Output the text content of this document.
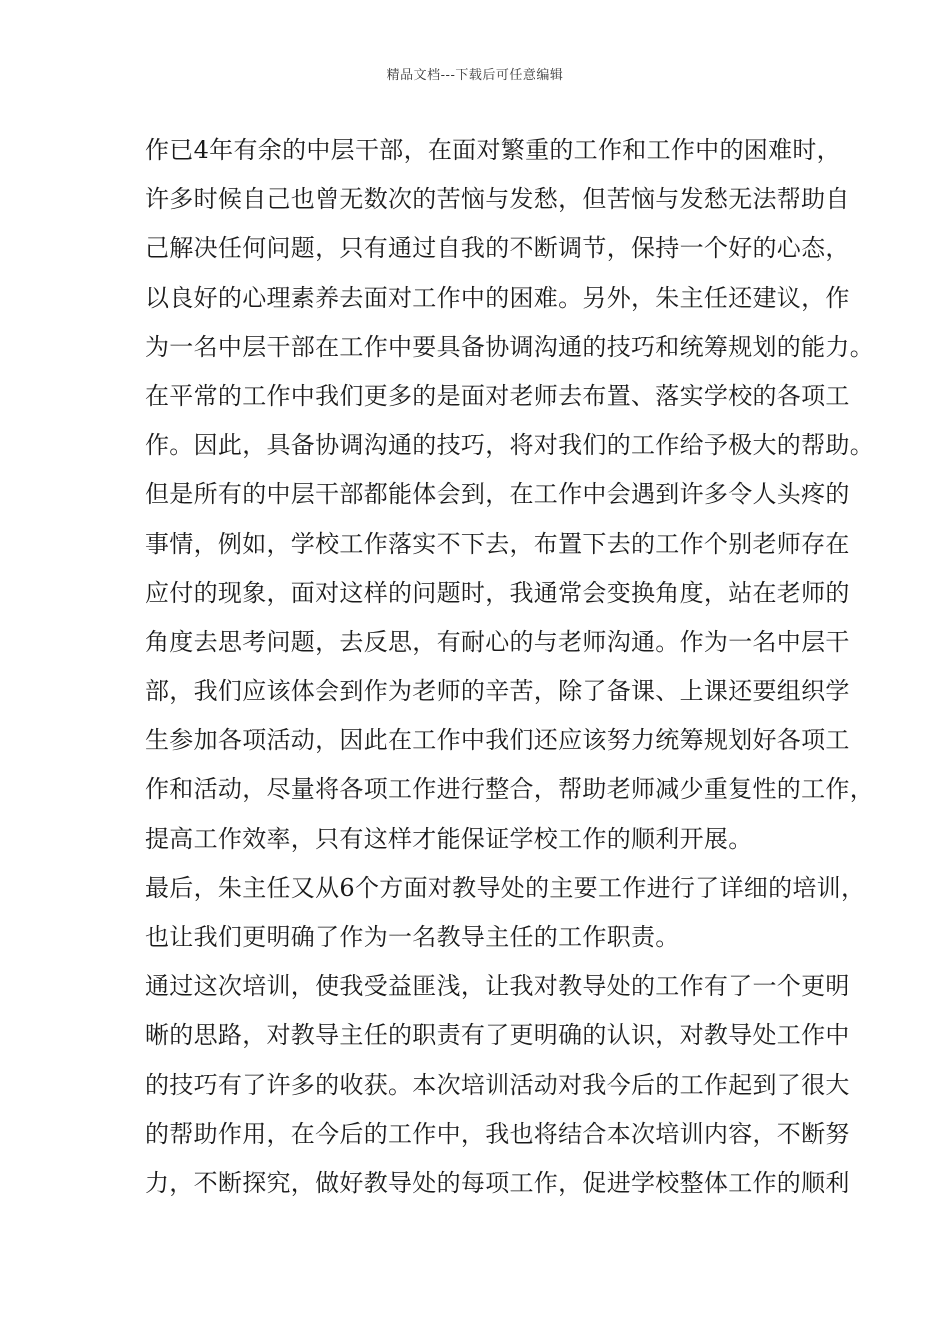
精品文档---下载后可任意编辑
作已4年有余的中层干部，在面对繁重的工作和工作中的困难时，
许多时候自己也曾无数次的苦恼与发愁，但苦恼与发愁无法帮助自
己解决任何问题，只有通过自我的不断调节，保持一个好的心态，
以良好的心理素养去面对工作中的困难。另外，朱主任还建议，作
为一名中层干部在工作中要具备协调沟通的技巧和统筹规划的能力。
在平常的工作中我们更多的是面对老师去布置、落实学校的各项工
作。因此，具备协调沟通的技巧，将对我们的工作给予极大的帮助。
但是所有的中层干部都能体会到，在工作中会遇到许多令人头疼的
事情，例如，学校工作落实不下去，布置下去的工作个别老师存在
应付的现象，面对这样的问题时，我通常会变换角度，站在老师的
角度去思考问题，去反思，有耐心的与老师沟通。作为一名中层干
部，我们应该体会到作为老师的辛苦，除了备课、上课还要组织学
生参加各项活动，因此在工作中我们还应该努力统筹规划好各项工
作和活动，尽量将各项工作进行整合，帮助老师减少重复性的工作，
提高工作效率，只有这样才能保证学校工作的顺利开展。
最后，朱主任又从6个方面对教导处的主要工作进行了详细的培训，
也让我们更明确了作为一名教导主任的工作职责。
通过这次培训，使我受益匪浅，让我对教导处的工作有了一个更明
晰的思路，对教导主任的职责有了更明确的认识，对教导处工作中
的技巧有了许多的收获。本次培训活动对我今后的工作起到了很大
的帮助作用，在今后的工作中，我也将结合本次培训内容，不断努
力，不断探究，做好教导处的每项工作，促进学校整体工作的顺利
